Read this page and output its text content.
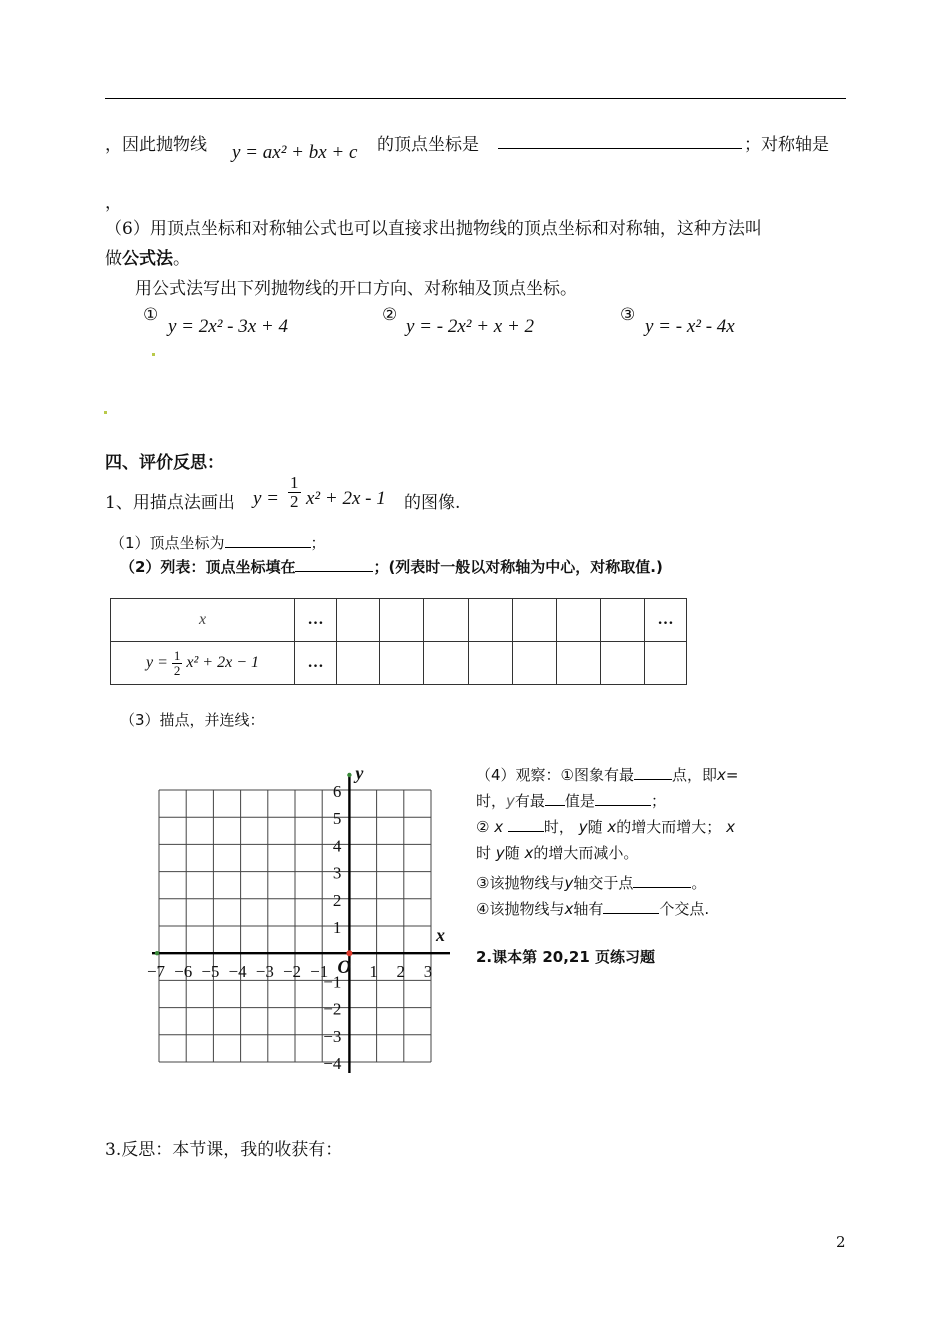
，因此抛物线 y = ax² + bx + c 的顶点坐标是	；对称轴是
，
（6）用顶点坐标和对称轴公式也可以直接求出抛物线的顶点坐标和对称轴，这种方法叫
做公式法。
用公式法写出下列抛物线的开口方向、对称轴及顶点坐标。
①
y = 2x² - 3x + 4
②
y = - 2x² + x + 2
③
y = - x² - 4x
四、评价反思：
1、用描点法画出 $y = \frac{1}{2} x^2 + 2x - 1$ 的图像.
（1）顶点坐标为	；
（2）列表：顶点坐标填在	；(列表时一般以对称轴为中心，对称取值.)
x	…								…
$y = \frac{1}{2} x^2 + 2x - 1$	…								
（3）描点，并连线：
−7 −6 −5 −4 −3 −2 −1 1 2 3
6
5
4
3
2
1
−1
−2
−3
−4
x
y
O
（4）观察：①图象有最	点，即x=
时，y有最 值是	；
② x	时， y随 x的增大而增大； x
时 y随 x的增大而减小。
③该抛物线与y轴交于点	。
④该抛物线与x轴有	个交点.
2.课本第 20,21 页练习题
3.反思：本节课，我的收获有：
2
